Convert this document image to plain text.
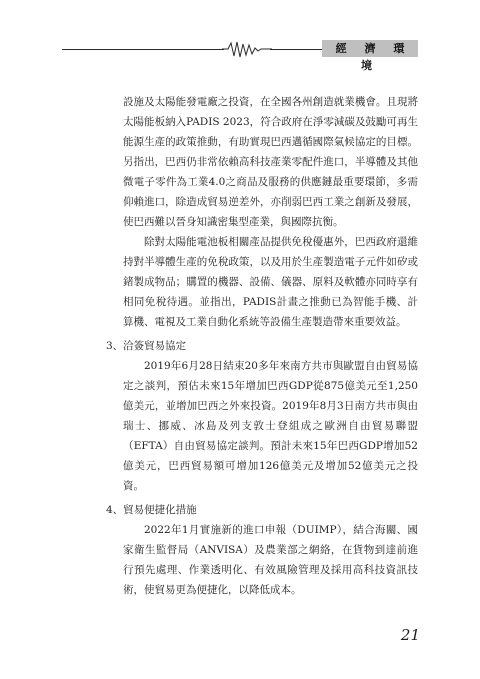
經 濟 環 境

設施及太陽能發電廠之投資，在全國各州創造就業機會。且現將太陽能板納入PADIS 2023，符合政府在淨零減碳及鼓勵可再生能源生產的政策推動，有助實現巴西邁循國際氣候協定的目標。另指出，巴西仍非常依賴高科技產業零配件進口，半導體及其他微電子零件為工業4.0之商品及服務的供應鏈最重要環節，多需仰賴進口，除造成貿易逆差外，亦削弱巴西工業之創新及發展，使巴西難以晉身知識密集型產業，與國際抗衡。

除對太陽能電池板相關產品提供免稅優惠外，巴西政府還維持對半導體生產的免稅政策，以及用於生產製造電子元件如矽或鍺製成物品；購置的機器、設備、儀器、原料及軟體亦同時享有相同免稅待遇。並指出，PADIS計畫之推動已為智能手機、計算機、電視及工業自動化系統等設備生產製造帶來重要效益。

3、洽簽貿易協定

2019年6月28日結束20多年來南方共市與歐盟自由貿易協定之談判，預估未來15年增加巴西GDP從875億美元至1,250億美元，並增加巴西之外來投資。2019年8月3日南方共市與由瑞士、挪威、冰島及列支敦士登組成之歐洲自由貿易聯盟（EFTA）自由貿易協定談判。預計未來15年巴西GDP增加52億美元，巴西貿易額可增加126億美元及增加52億美元之投資。

4、貿易便捷化措施

2022年1月實施新的進口申報（DUIMP），結合海關、國家衛生監督局（ANVISA）及農業部之網絡，在貨物到達前進行預先處理、作業透明化、有效風險管理及採用高科技資訊技術，使貿易更為便捷化，以降低成本。

21
